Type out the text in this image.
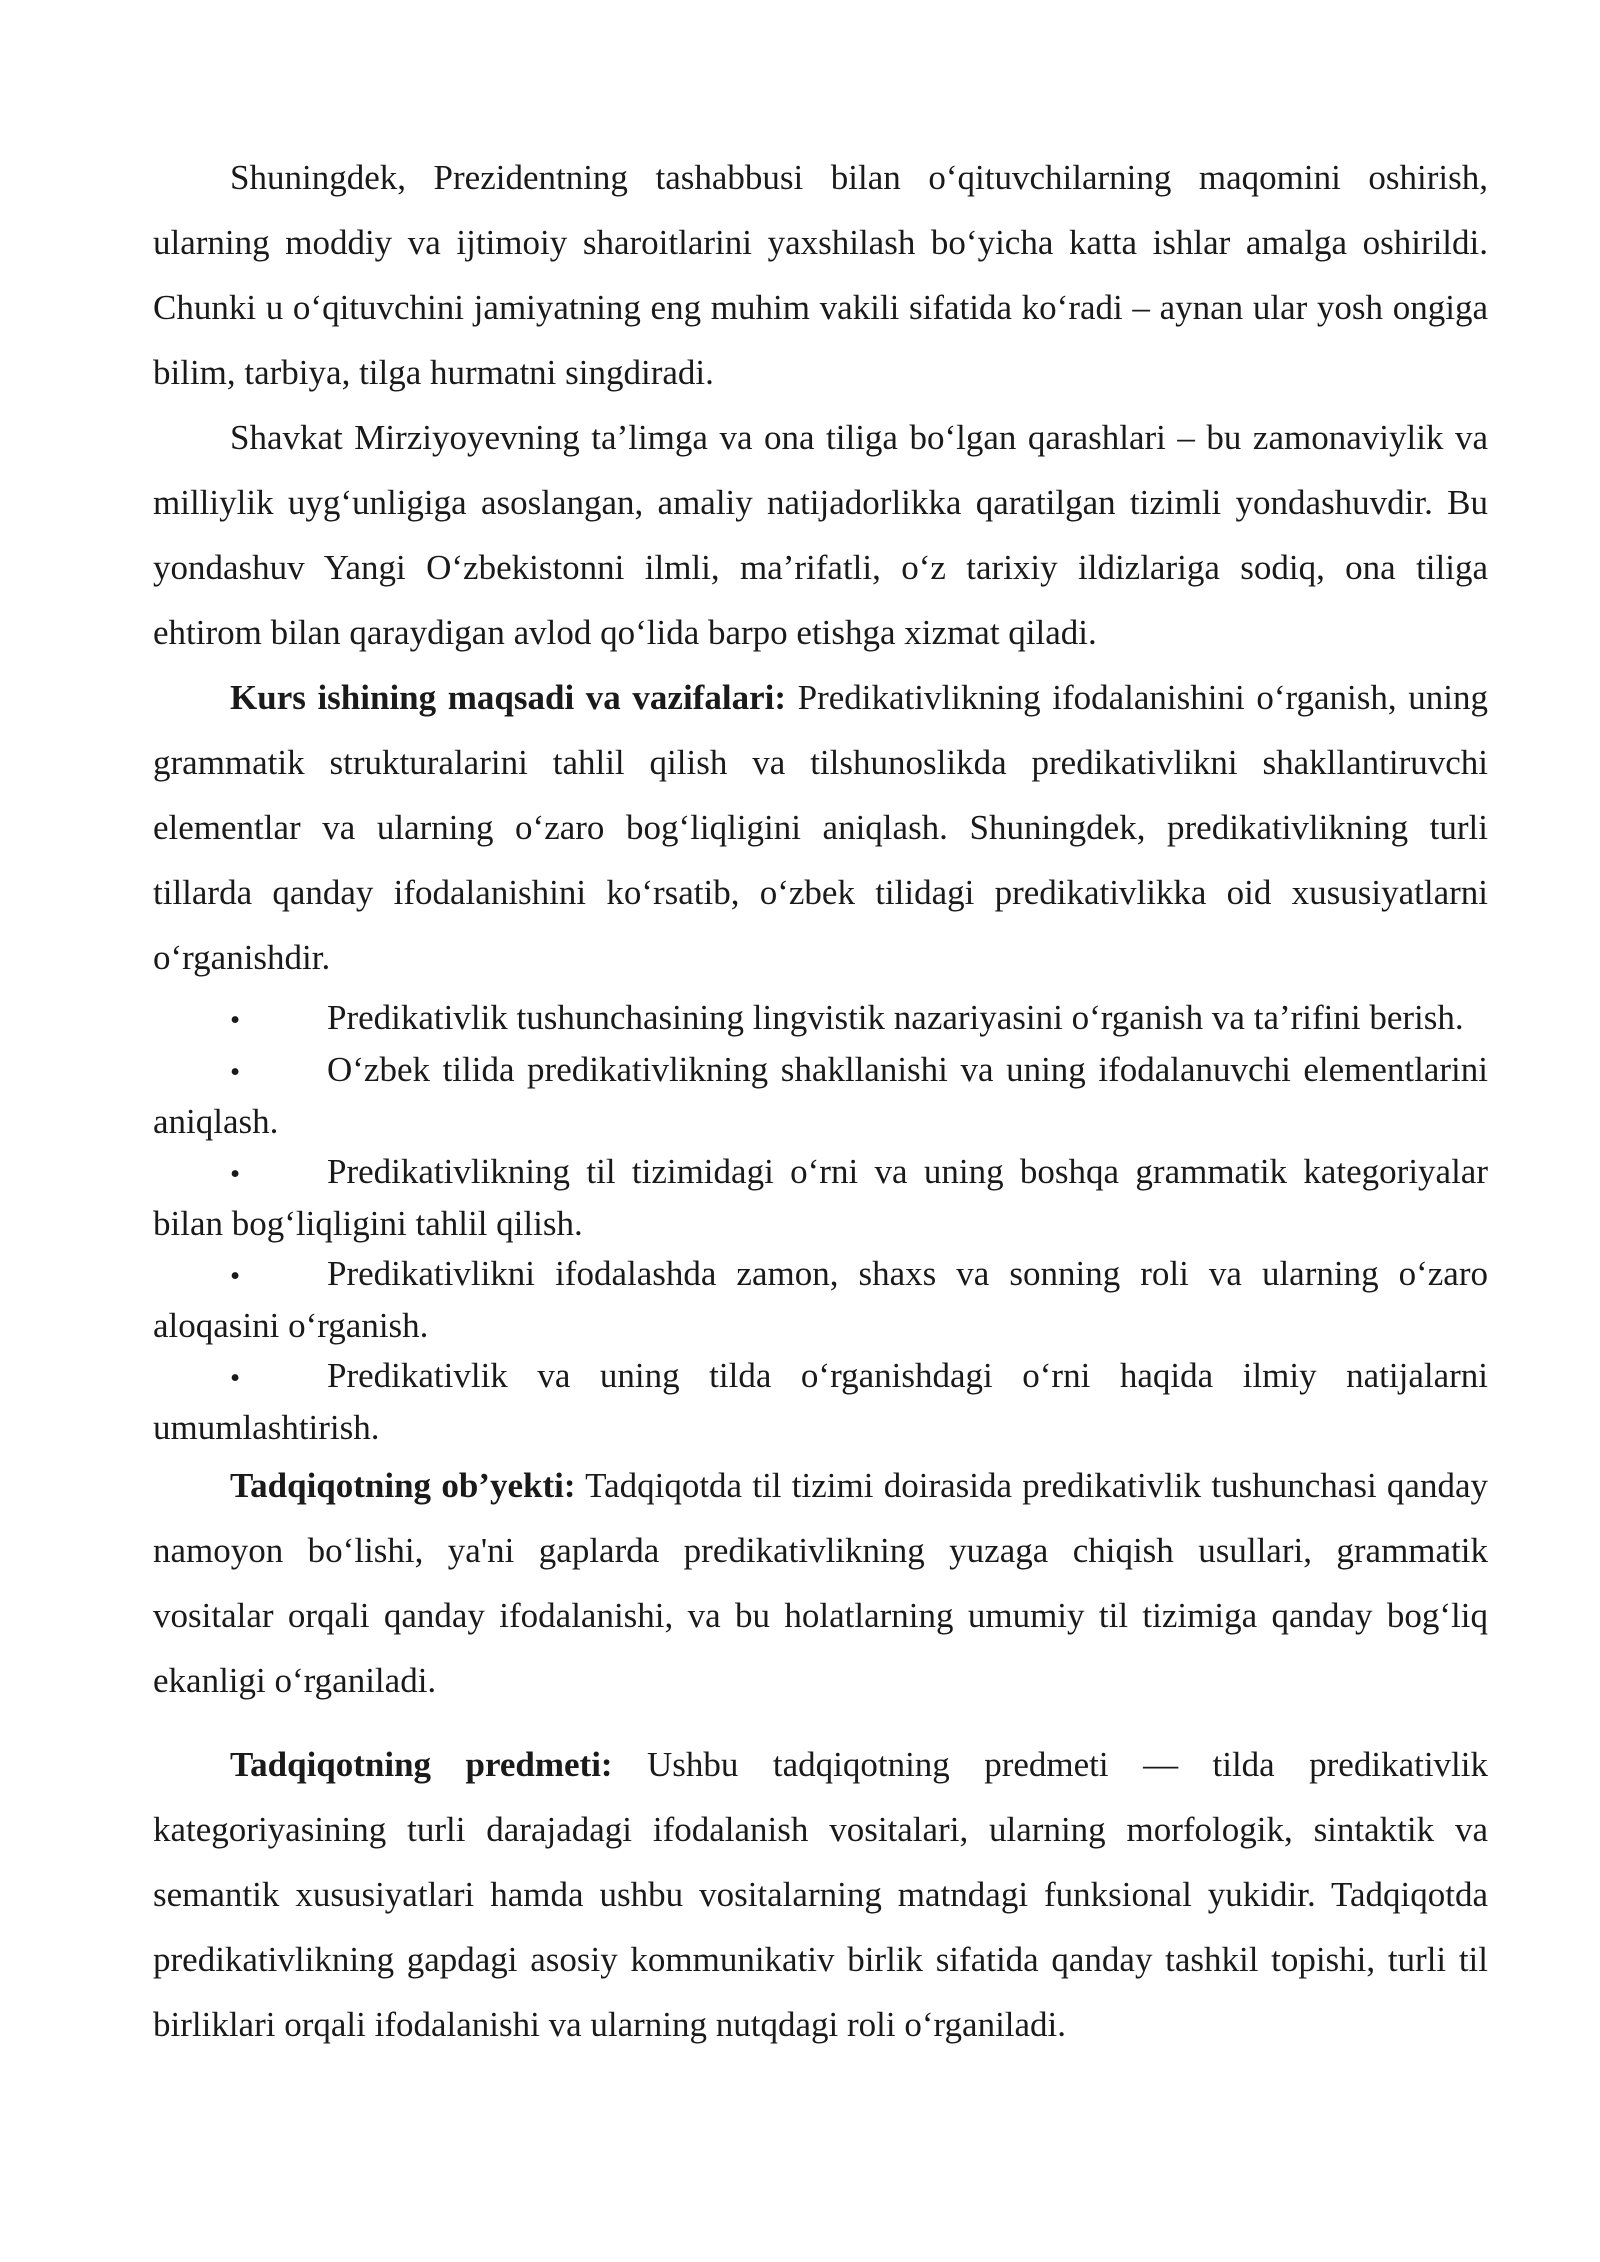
Shuningdek, Prezidentning tashabbusi bilan o‘qituvchilarning maqomini oshirish, ularning moddiy va ijtimoiy sharoitlarini yaxshilash bo‘yicha katta ishlar amalga oshirildi. Chunki u o‘qituvchini jamiyatning eng muhim vakili sifatida ko‘radi – aynan ular yosh ongiga bilim, tarbiya, tilga hurmatni singdiradi.

Shavkat Mirziyoyevning ta’limga va ona tiliga bo‘lgan qarashlari – bu zamonaviylik va milliylik uyg‘unligiga asoslangan, amaliy natijadorlikka qaratilgan tizimli yondashuvdir. Bu yondashuv Yangi O‘zbekistonni ilmli, ma’rifatli, o‘z tarixiy ildizlariga sodiq, ona tiliga ehtirom bilan qaraydigan avlod qo‘lida barpo etishga xizmat qiladi.

Kurs ishining maqsadi va vazifalari: Predikativlikning ifodalanishini o‘rganish, uning grammatik strukturalarini tahlil qilish va tilshunoslikda predikativlikni shakllantiruvchi elementlar va ularning o‘zaro bog‘liqligini aniqlash. Shuningdek, predikativlikning turli tillarda qanday ifodalanishini ko‘rsatib, o‘zbek tilidagi predikativlikka oid xususiyatlarni o‘rganishdir.

• Predikativlik tushunchasining lingvistik nazariyasini o‘rganish va ta’rifini berish.
• O‘zbek tilida predikativlikning shakllanishi va uning ifodalanuvchi elementlarini aniqlash.
• Predikativlikning til tizimidagi o‘rni va uning boshqa grammatik kategoriyalar bilan bog‘liqligini tahlil qilish.
• Predikativlikni ifodalashda zamon, shaxs va sonning roli va ularning o‘zaro aloqasini o‘rganish.
• Predikativlik va uning tilda o‘rganishdagi o‘rni haqida ilmiy natijalarni umumlashtirish.

Tadqiqotning ob’yekti: Tadqiqotda til tizimi doirasida predikativlik tushunchasi qanday namoyon bo‘lishi, ya'ni gaplarda predikativlikning yuzaga chiqish usullari, grammatik vositalar orqali qanday ifodalanishi, va bu holatlarning umumiy til tizimiga qanday bog‘liq ekanligi o‘rganiladi.

Tadqiqotning predmeti: Ushbu tadqiqotning predmeti — tilda predikativlik kategoriyasining turli darajadagi ifodalanish vositalari, ularning morfologik, sintaktik va semantik xususiyatlari hamda ushbu vositalarning matndagi funksional yukidir. Tadqiqotda predikativlikning gapdagi asosiy kommunikativ birlik sifatida qanday tashkil topishi, turli til birliklari orqali ifodalanishi va ularning nutqdagi roli o‘rganiladi.
